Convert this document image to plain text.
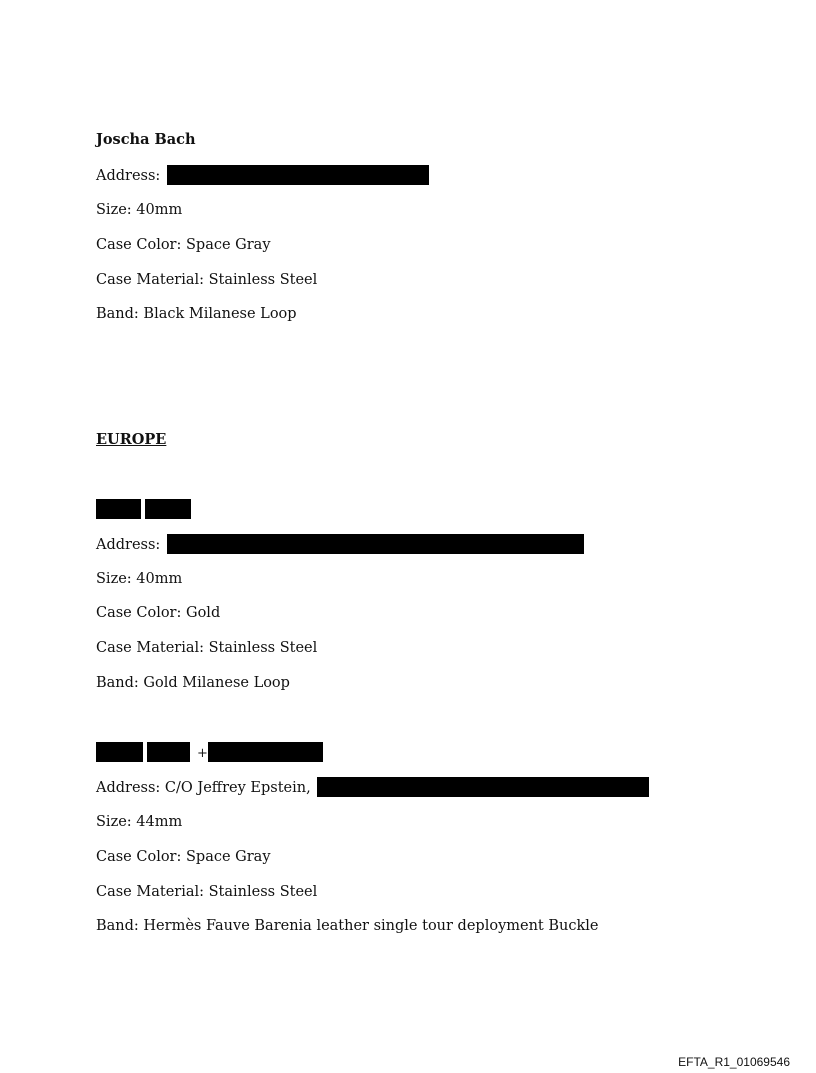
Joscha Bach
Address:
Size: 40mm
Case Color: Space Gray
Case Material: Stainless Steel
Band: Black Milanese Loop
EUROPE
Address:
Size: 40mm
Case Color: Gold
Case Material: Stainless Steel
Band: Gold Milanese Loop
+
Address: C/O Jeffrey Epstein,
Size: 44mm
Case Color: Space Gray
Case Material: Stainless Steel
Band: Hermès Fauve Barenia leather single tour deployment Buckle
EFTA_R1_01069546
